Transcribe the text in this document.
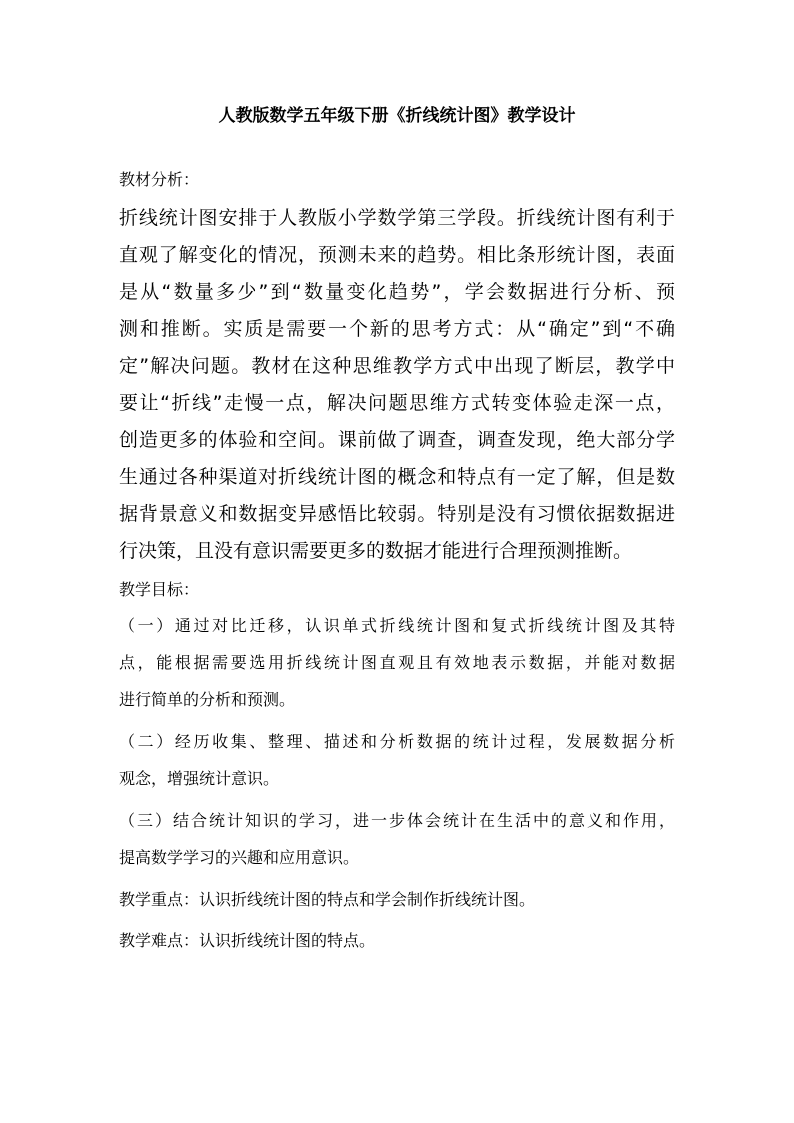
人教版数学五年级下册《折线统计图》教学设计
教材分析：
折线统计图安排于人教版小学数学第三学段。折线统计图有利于
直观了解变化的情况，预测未来的趋势。相比条形统计图，表面
是从“数量多少”到“数量变化趋势”，学会数据进行分析、预
测和推断。实质是需要一个新的思考方式：从“确定”到“不确
定”解决问题。教材在这种思维教学方式中出现了断层，教学中
要让“折线”走慢一点，解决问题思维方式转变体验走深一点，
创造更多的体验和空间。课前做了调查，调查发现，绝大部分学
生通过各种渠道对折线统计图的概念和特点有一定了解，但是数
据背景意义和数据变异感悟比较弱。特别是没有习惯依据数据进
行决策，且没有意识需要更多的数据才能进行合理预测推断。
教学目标：
（一）通过对比迁移，认识单式折线统计图和复式折线统计图及其特
点，能根据需要选用折线统计图直观且有效地表示数据，并能对数据
进行简单的分析和预测。
（二）经历收集、整理、描述和分析数据的统计过程，发展数据分析
观念，增强统计意识。
（三）结合统计知识的学习，进一步体会统计在生活中的意义和作用，
提高数学学习的兴趣和应用意识。
教学重点：认识折线统计图的特点和学会制作折线统计图。
教学难点：认识折线统计图的特点。
